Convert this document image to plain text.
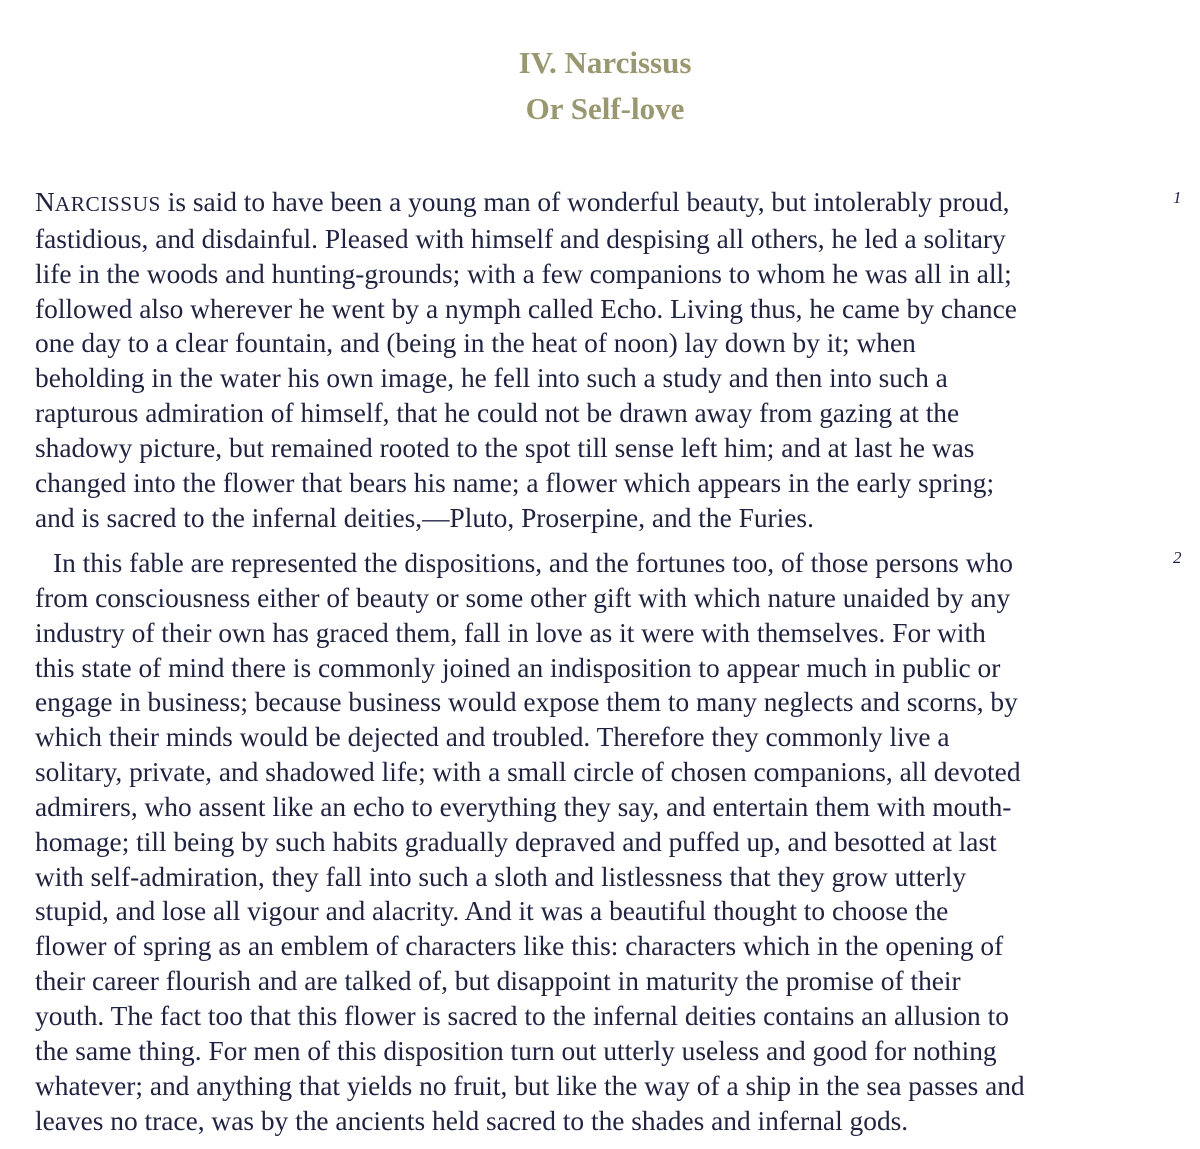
IV. Narcissus
Or Self-love
1
NARCISSUS is said to have been a young man of wonderful beauty, but intolerably proud,
fastidious, and disdainful. Pleased with himself and despising all others, he led a solitary
life in the woods and hunting-grounds; with a few companions to whom he was all in all;
followed also wherever he went by a nymph called Echo. Living thus, he came by chance
one day to a clear fountain, and (being in the heat of noon) lay down by it; when
beholding in the water his own image, he fell into such a study and then into such a
rapturous admiration of himself, that he could not be drawn away from gazing at the
shadowy picture, but remained rooted to the spot till sense left him; and at last he was
changed into the flower that bears his name; a flower which appears in the early spring;
and is sacred to the infernal deities,—Pluto, Proserpine, and the Furies.
2
In this fable are represented the dispositions, and the fortunes too, of those persons who
from consciousness either of beauty or some other gift with which nature unaided by any
industry of their own has graced them, fall in love as it were with themselves. For with
this state of mind there is commonly joined an indisposition to appear much in public or
engage in business; because business would expose them to many neglects and scorns, by
which their minds would be dejected and troubled. Therefore they commonly live a
solitary, private, and shadowed life; with a small circle of chosen companions, all devoted
admirers, who assent like an echo to everything they say, and entertain them with mouth-
homage; till being by such habits gradually depraved and puffed up, and besotted at last
with self-admiration, they fall into such a sloth and listlessness that they grow utterly
stupid, and lose all vigour and alacrity. And it was a beautiful thought to choose the
flower of spring as an emblem of characters like this: characters which in the opening of
their career flourish and are talked of, but disappoint in maturity the promise of their
youth. The fact too that this flower is sacred to the infernal deities contains an allusion to
the same thing. For men of this disposition turn out utterly useless and good for nothing
whatever; and anything that yields no fruit, but like the way of a ship in the sea passes and
leaves no trace, was by the ancients held sacred to the shades and infernal gods.
